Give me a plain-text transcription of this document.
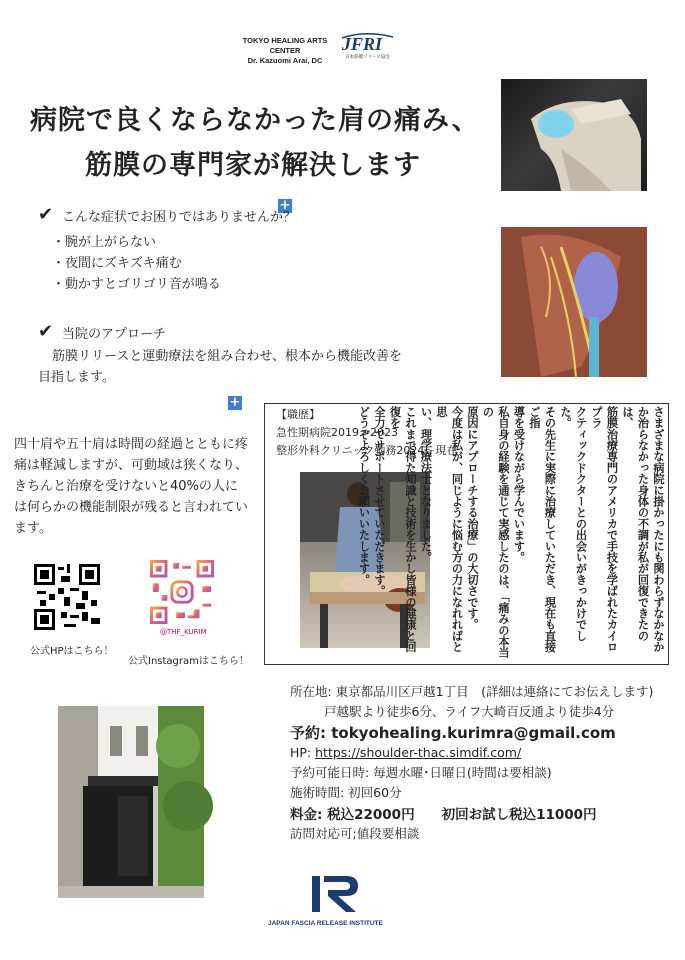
TOKYO HEALING ARTS CENTER
Dr. Kazuomi Arai, DC
JFRI
日本筋膜リリース協会
病院で良くならなかった肩の痛み、
筋膜の専門家が解決します
+
+
✔ こんな症状でお困りではありませんか？
・腕が上がらない
・夜間にズキズキ痛む
・動かすとゴリゴリ音が鳴る
✔ 当院のアプローチ
筋膜リリースと運動療法を組み合わせ、根本から機能改善を
目指します。
四十肩や五十肩は時間の経過とともに疼
痛は軽減しますが、可動域は狭くなり、
きちんと治療を受けないと40%の人に
は何らかの機能制限が残ると言われてい
ます。
公式HPはこちら！
@THF_KURIM
公式Instagramはこちら！
【職歴】
急性期病院2019〜2023
整形外科クリニック勤務2024〜現在	さまざまな病院に掛かったにも関わらずなかなか
か治らなかった身体の不調が私が回復できたのは、
筋膜治療専門のアメリカで手技を学ばれたカイロプラ
クティックドクターとの出会いがきっかけでした。
その先生に実際に治療していただき、現在も直接ご指
導を受けながら学んでいます。
私自身の経験を通じて実感したのは、「痛みの本当の
原因にアプローチする治療」の大切さです。
今度は私が、同じように悩む方の力になれればと思
い、理学療法士となりました。
これまで得た知識と技術を生かし皆様の健康と回復を
全力でサポートさせていただきます。
どうぞよろしくお願いいたします。
所在地: 東京都品川区戸越1丁目　(詳細は連絡にてお伝えします)
戸越駅より徒歩6分、ライフ大崎百反通より徒歩4分
予約: tokyohealing.kurimra@gmail.com
HP: https://shoulder-thac.simdif.com/
予約可能日時: 毎週水曜･日曜日(時間は要相談)
施術時間: 初回60分
料金: 税込22000円　　初回お試し税込11000円
訪問対応可;値段要相談
R
JAPAN FASCIA RELEASE INSTITUTE
